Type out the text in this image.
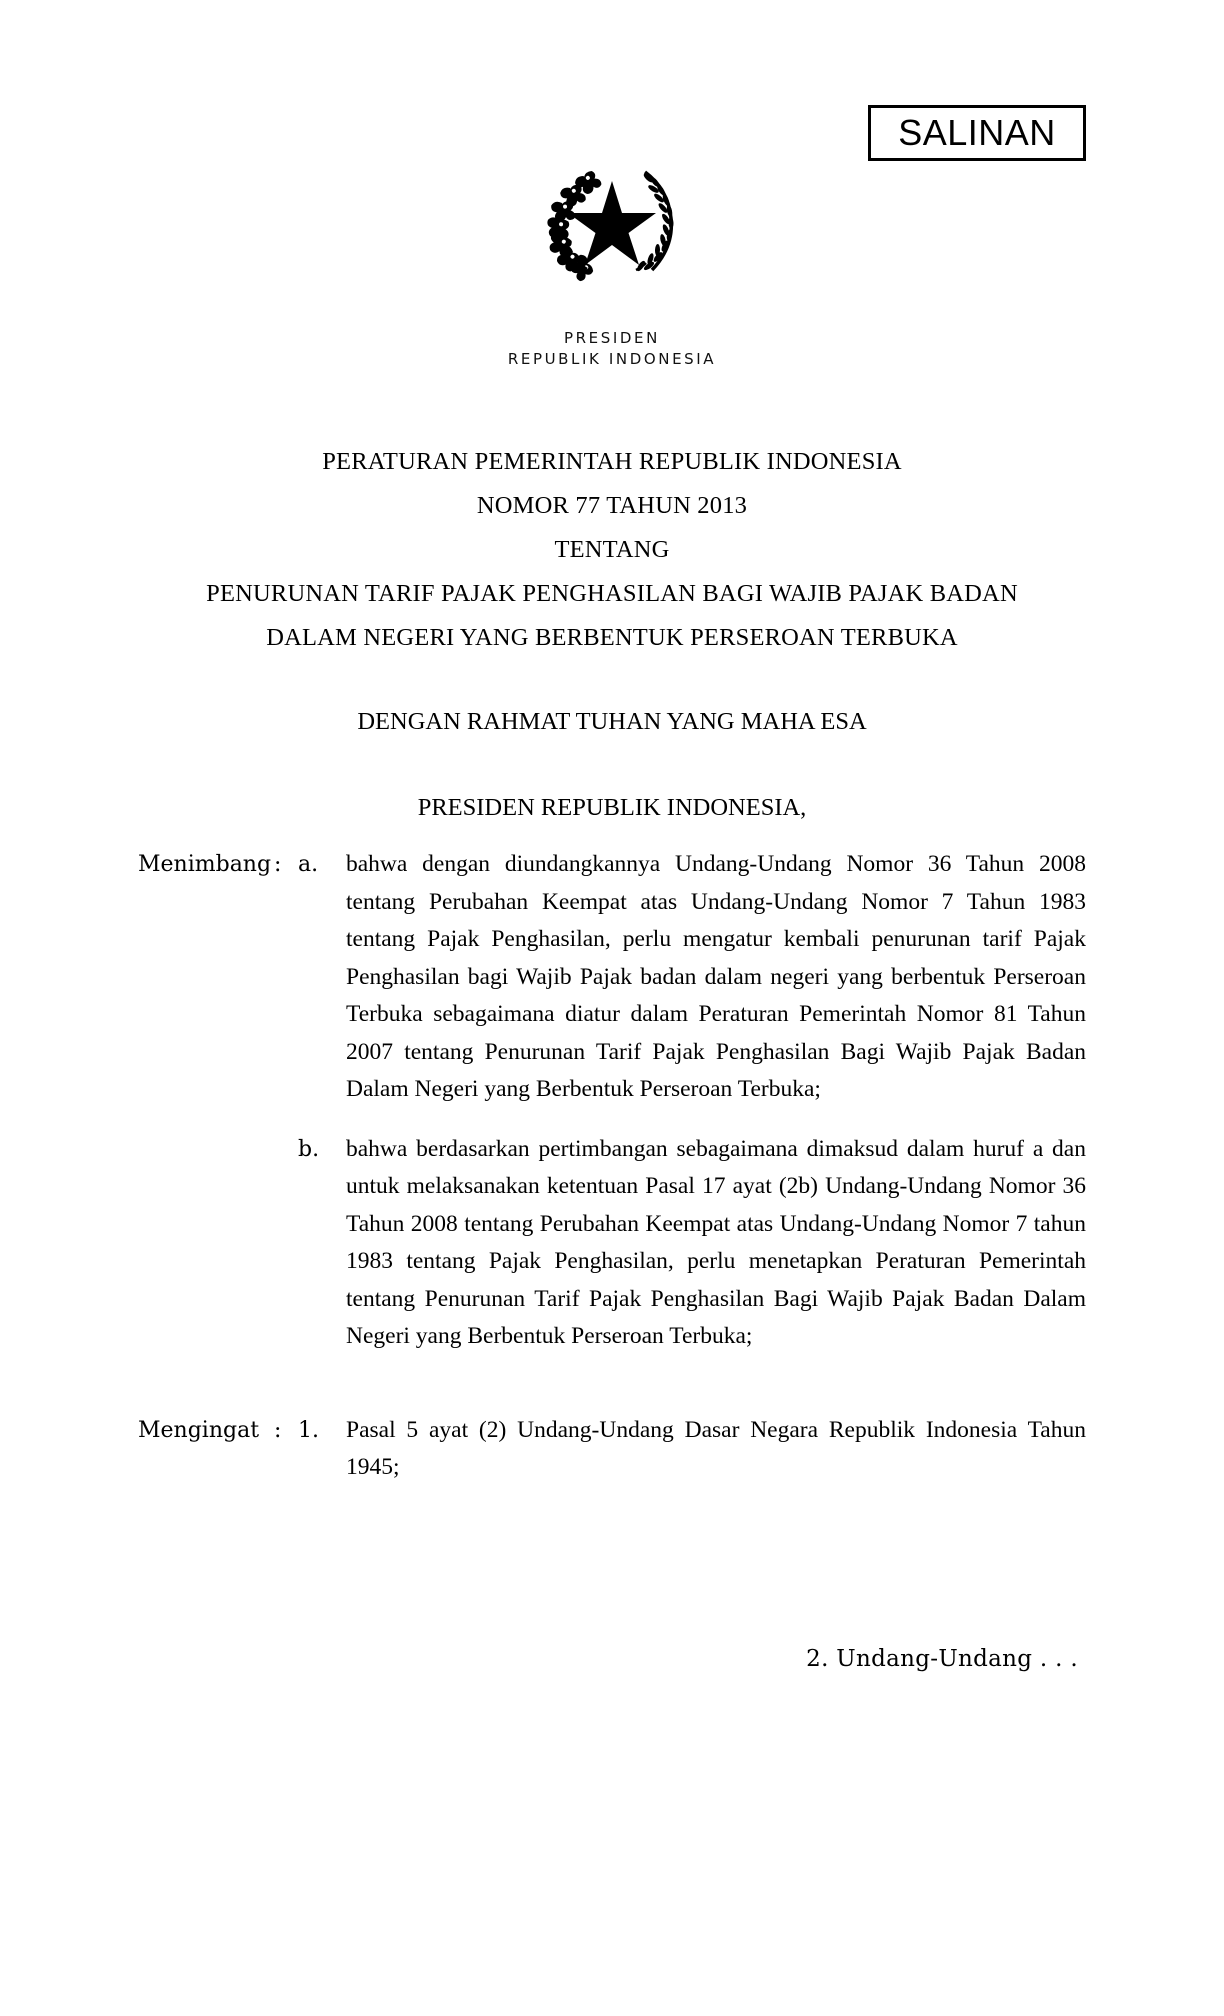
SALINAN
PRESIDEN
REPUBLIK INDONESIA
PERATURAN PEMERINTAH REPUBLIK INDONESIA
NOMOR 77 TAHUN 2013
TENTANG
PENURUNAN TARIF PAJAK PENGHASILAN BAGI WAJIB PAJAK BADAN
DALAM NEGERI YANG BERBENTUK PERSEROAN TERBUKA
DENGAN RAHMAT TUHAN YANG MAHA ESA
PRESIDEN REPUBLIK INDONESIA,
Menimbang : a.	bahwa dengan diundangkannya Undang-Undang Nomor 36 Tahun 2008 tentang Perubahan Keempat atas Undang-Undang Nomor 7 Tahun 1983 tentang Pajak Penghasilan, perlu mengatur kembali penurunan tarif Pajak Penghasilan bagi Wajib Pajak badan dalam negeri yang berbentuk Perseroan Terbuka sebagaimana diatur dalam Peraturan Pemerintah Nomor 81 Tahun 2007 tentang Penurunan Tarif Pajak Penghasilan Bagi Wajib Pajak Badan Dalam Negeri yang Berbentuk Perseroan Terbuka;
b.	bahwa berdasarkan pertimbangan sebagaimana dimaksud dalam huruf a dan untuk melaksanakan ketentuan Pasal 17 ayat (2b) Undang-Undang Nomor 36 Tahun 2008 tentang Perubahan Keempat atas Undang-Undang Nomor 7 tahun 1983 tentang Pajak Penghasilan, perlu menetapkan Peraturan Pemerintah tentang Penurunan Tarif Pajak Penghasilan Bagi Wajib Pajak Badan Dalam Negeri yang Berbentuk Perseroan Terbuka;
Mengingat : 1.	Pasal 5 ayat (2) Undang-Undang Dasar Negara Republik Indonesia Tahun 1945;
2. Undang-Undang . . .
